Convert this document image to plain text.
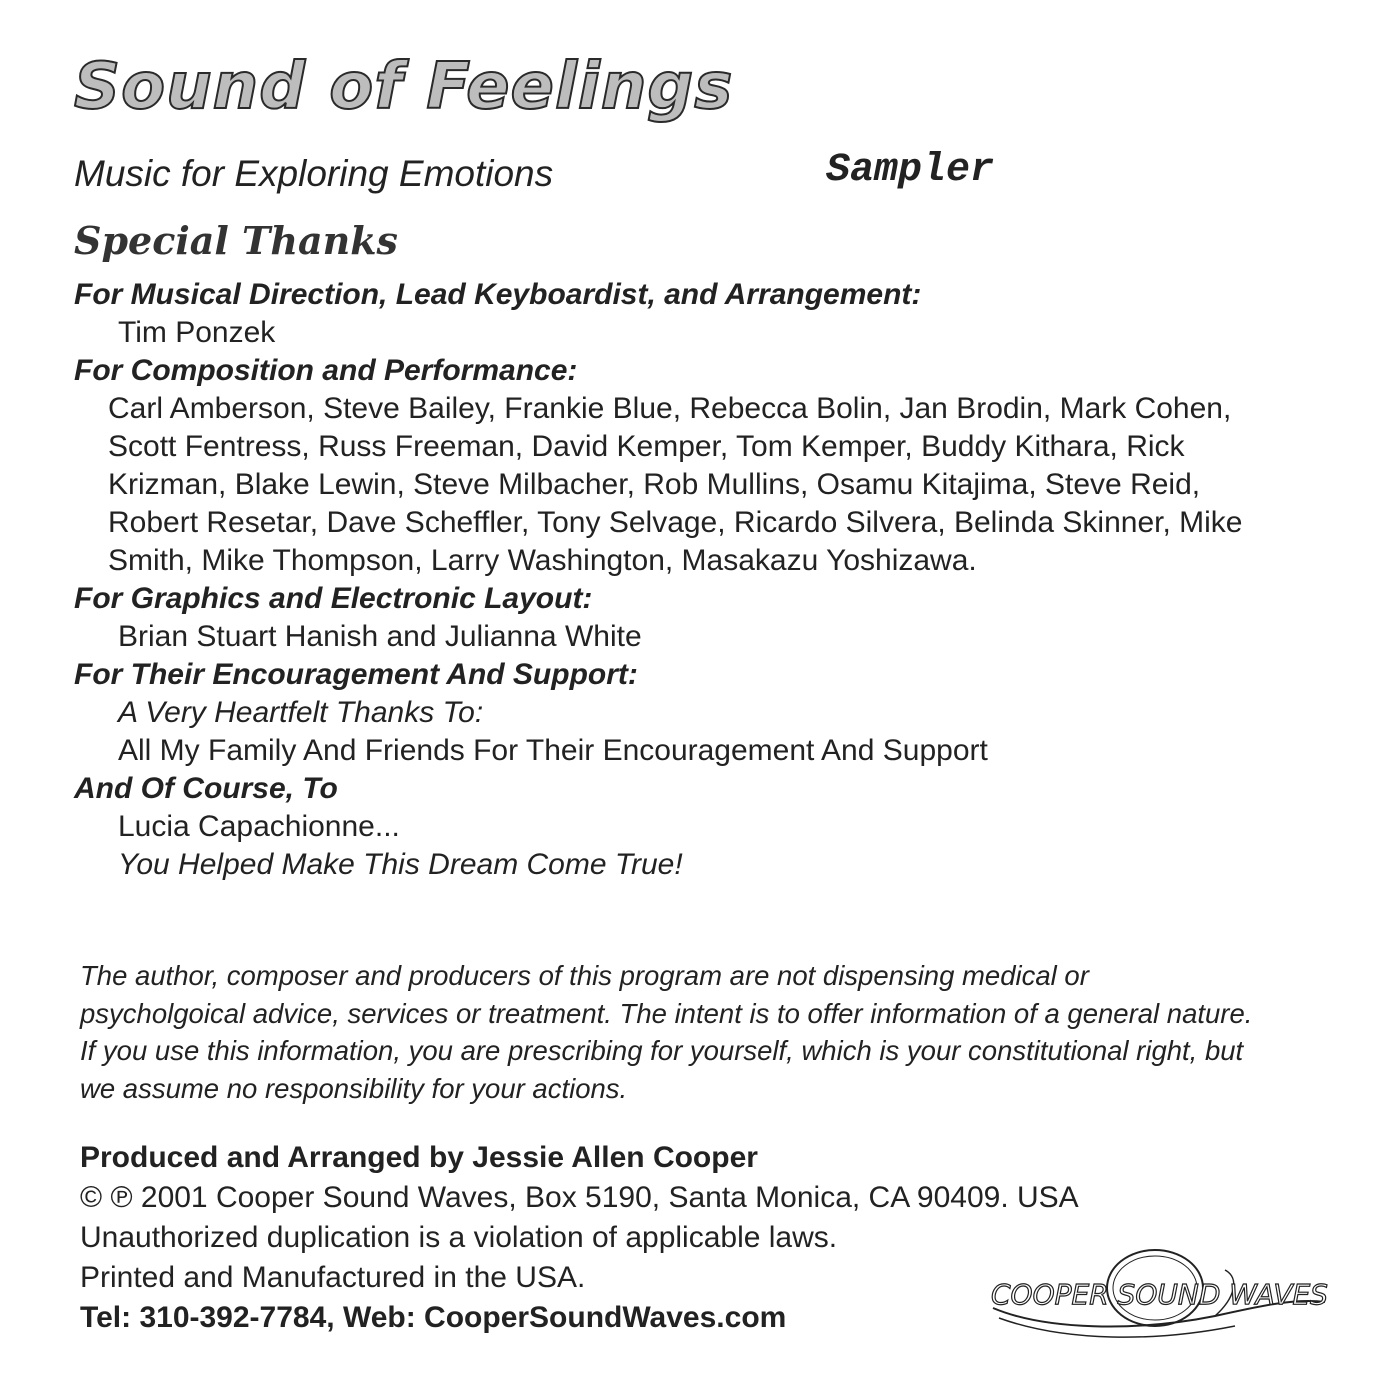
Sound of Feelings
Music for Exploring Emotions	Sampler
Special Thanks
For Musical Direction, Lead Keyboardist, and Arrangement:
Tim Ponzek
For Composition and Performance:
Carl Amberson, Steve Bailey, Frankie Blue, Rebecca Bolin, Jan Brodin, Mark Cohen, Scott Fentress, Russ Freeman, David Kemper, Tom Kemper, Buddy Kithara, Rick Krizman, Blake Lewin, Steve Milbacher, Rob Mullins, Osamu Kitajima, Steve Reid, Robert Resetar, Dave Scheffler, Tony Selvage, Ricardo Silvera, Belinda Skinner, Mike Smith, Mike Thompson, Larry Washington, Masakazu Yoshizawa.
For Graphics and Electronic Layout:
Brian Stuart Hanish and Julianna White
For Their Encouragement And Support:
A Very Heartfelt Thanks To:
All My Family And Friends For Their Encouragement And Support
And Of Course, To
Lucia Capachionne...
You Helped Make This Dream Come True!
The author, composer and producers of this program are not dispensing medical or psycholgoical advice, services or treatment. The intent is to offer information of a general nature. If you use this information, you are prescribing for yourself, which is your constitutional right, but we assume no responsibility for your actions.
Produced and Arranged by Jessie Allen Cooper
© ℗ 2001 Cooper Sound Waves, Box 5190, Santa Monica, CA 90409. USA
Unauthorized duplication is a violation of applicable laws.
Printed and Manufactured in the USA.
Tel: 310-392-7784, Web: CooperSoundWaves.com
COOPER SOUND WAVES
